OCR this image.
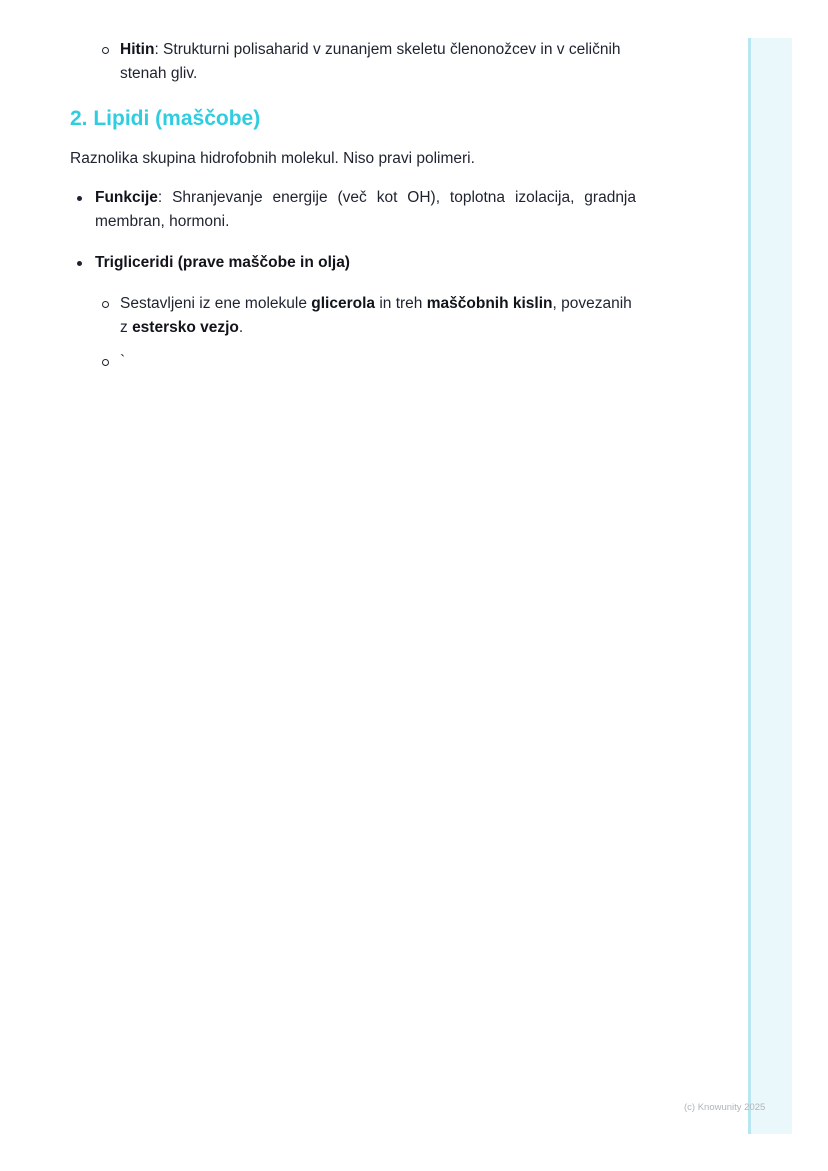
Hitin: Strukturni polisaharid v zunanjem skeletu členonožcev in v celičnih stenah gliv.
2. Lipidi (maščobe)

Raznolika skupina hidrofobnih molekul. Niso pravi polimeri.

Funkcije: Shranjevanje energije (več kot OH), toplotna izolacija, gradnja membran, hormoni.
Trigliceridi (prave maščobe in olja)
Sestavljeni iz ene molekule glicerola in treh maščobnih kislin, povezanih z estersko vezjo.
`
(c) Knowunity 2025
